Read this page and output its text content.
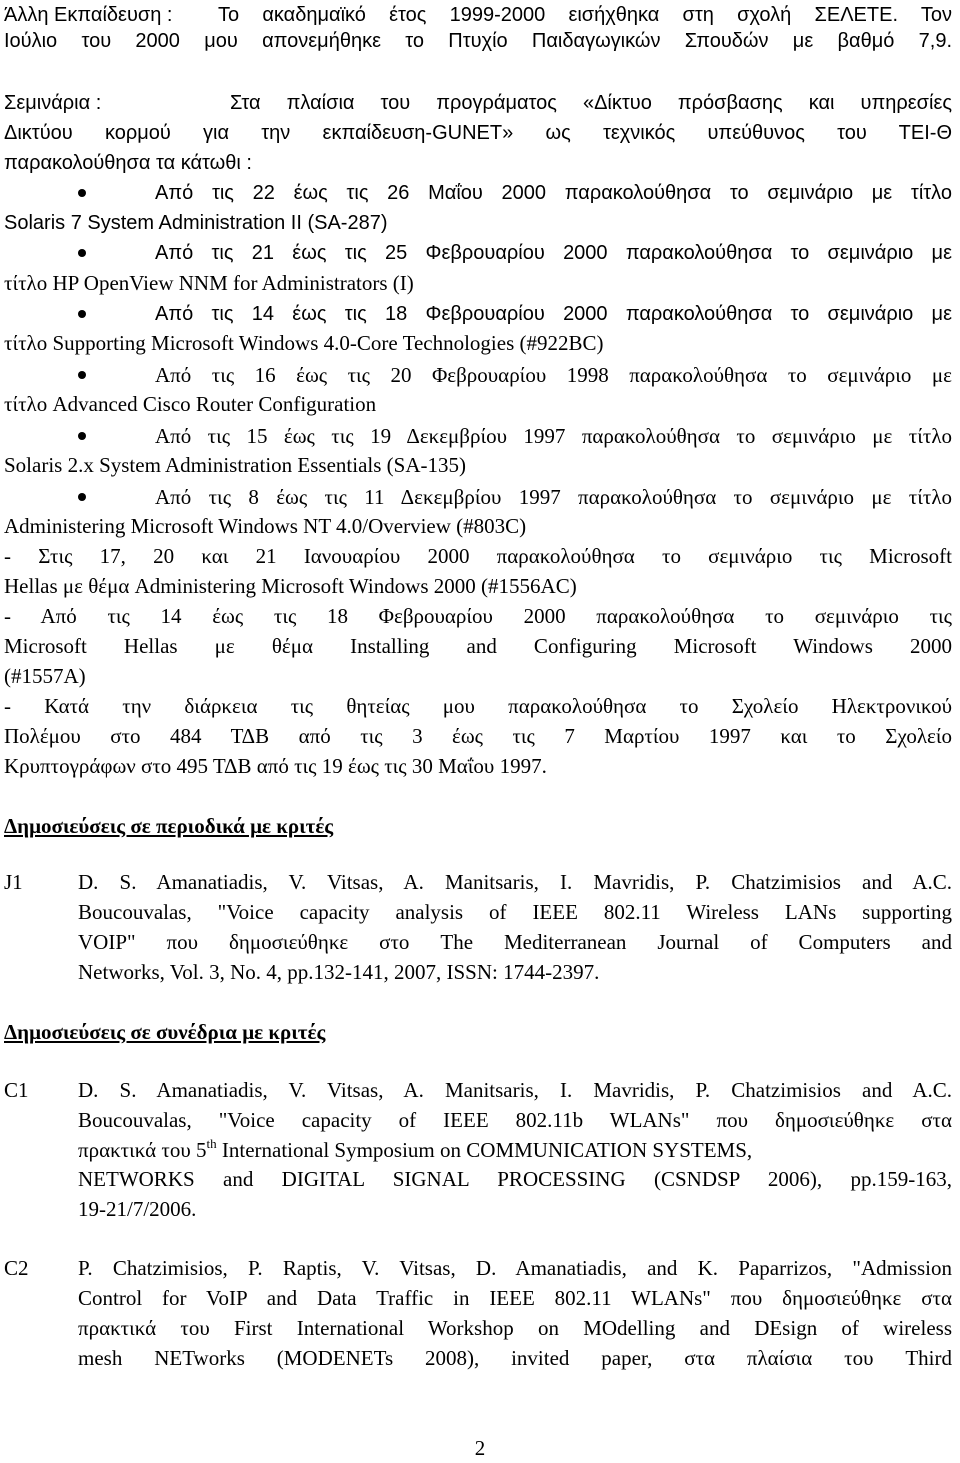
Άλλη Εκπαίδευση : Το ακαδημαϊκό έτος 1999-2000 εισήχθηκα στη σχολή ΣΕΛΕΤΕ. Τον
Ιούλιο του 2000 μου απονεμήθηκε το Πτυχίο Παιδαγωγικών Σπουδών με βαθμό 7,9.
Σεμινάρια :	Στα πλαίσια του προγράματος «Δίκτυο πρόσβασης και υπηρεσίες
Δικτύου κορμού για την εκπαίδευση-GUNET» ως τεχνικός υπεύθυνος του ΤΕΙ-Θ
παρακολούθησα τα κάτωθι :
Από τις 22 έως τις 26 Μαΐου 2000 παρακολούθησα το σεμινάριο με τίτλο
Solaris 7 System Administration II (SA-287)
Από τις 21 έως τις 25 Φεβρουαρίου 2000 παρακολούθησα το σεμινάριο με
τίτλο HP OpenView NNM for Administrators (I)
Από τις 14 έως τις 18 Φεβρουαρίου 2000 παρακολούθησα το σεμινάριο με
τίτλο Supporting Microsoft Windows 4.0-Core Technologies (#922BC)
Από τις 16 έως τις 20 Φεβρουαρίου 1998 παρακολούθησα το σεμινάριο με
τίτλο Advanced Cisco Router Configuration
Από τις 15 έως τις 19 Δεκεμβρίου 1997 παρακολούθησα το σεμινάριο με τίτλο
Solaris 2.x System Administration Essentials (SA-135)
Από τις 8 έως τις 11 Δεκεμβρίου 1997 παρακολούθησα το σεμινάριο με τίτλο
Administering Microsoft Windows NT 4.0/Overview (#803C)
- Στις 17, 20 και 21 Ιανουαρίου 2000 παρακολούθησα το σεμινάριο τις Microsoft
Hellas με θέμα Administering Microsoft Windows 2000 (#1556AC)
- Από τις 14 έως τις 18 Φεβρουαρίου 2000 παρακολούθησα το σεμινάριο τις
Microsoft Hellas με θέμα Installing and Configuring Microsoft Windows 2000
(#1557A)
- Κατά την διάρκεια τις θητείας μου παρακολούθησα το Σχολείο Ηλεκτρονικού
Πολέμου στο 484 ΤΔΒ από τις 3 έως τις 7 Μαρτίου 1997 και το Σχολείο
Κρυπτογράφων στο 495 ΤΔΒ από τις 19 έως τις 30 Μαΐου 1997.
Δημοσιεύσεις σε περιοδικά με κριτές
J1	D. S. Amanatiadis, V. Vitsas, A. Manitsaris, I. Mavridis, P. Chatzimisios and A.C.
Boucouvalas, "Voice capacity analysis of IEEE 802.11 Wireless LANs supporting
VOIP" που δημοσιεύθηκε στο The Mediterranean Journal of Computers and
Networks, Vol. 3, No. 4, pp.132-141, 2007, ISSN: 1744-2397.
Δημοσιεύσεις σε συνέδρια με κριτές
C1 D. S. Amanatiadis, V. Vitsas, A. Manitsaris, I. Mavridis, P. Chatzimisios and A.C.
Boucouvalas, "Voice capacity of IEEE 802.11b WLANs" που δημοσιεύθηκε στα
πρακτικά του 5th International Symposium on COMMUNICATION SYSTEMS,
NETWORKS and DIGITAL SIGNAL PROCESSING (CSNDSP 2006), pp.159-163,
19-21/7/2006.
C2 P. Chatzimisios, P. Raptis, V. Vitsas, D. Amanatiadis, and K. Paparrizos, "Admission
Control for VoIP and Data Traffic in IEEE 802.11 WLANs" που δημοσιεύθηκε στα
πρακτικά του First International Workshop on MOdelling and DEsign of wireless
mesh NETworks (MODENETs 2008), invited paper, στα πλαίσια του Third
2
